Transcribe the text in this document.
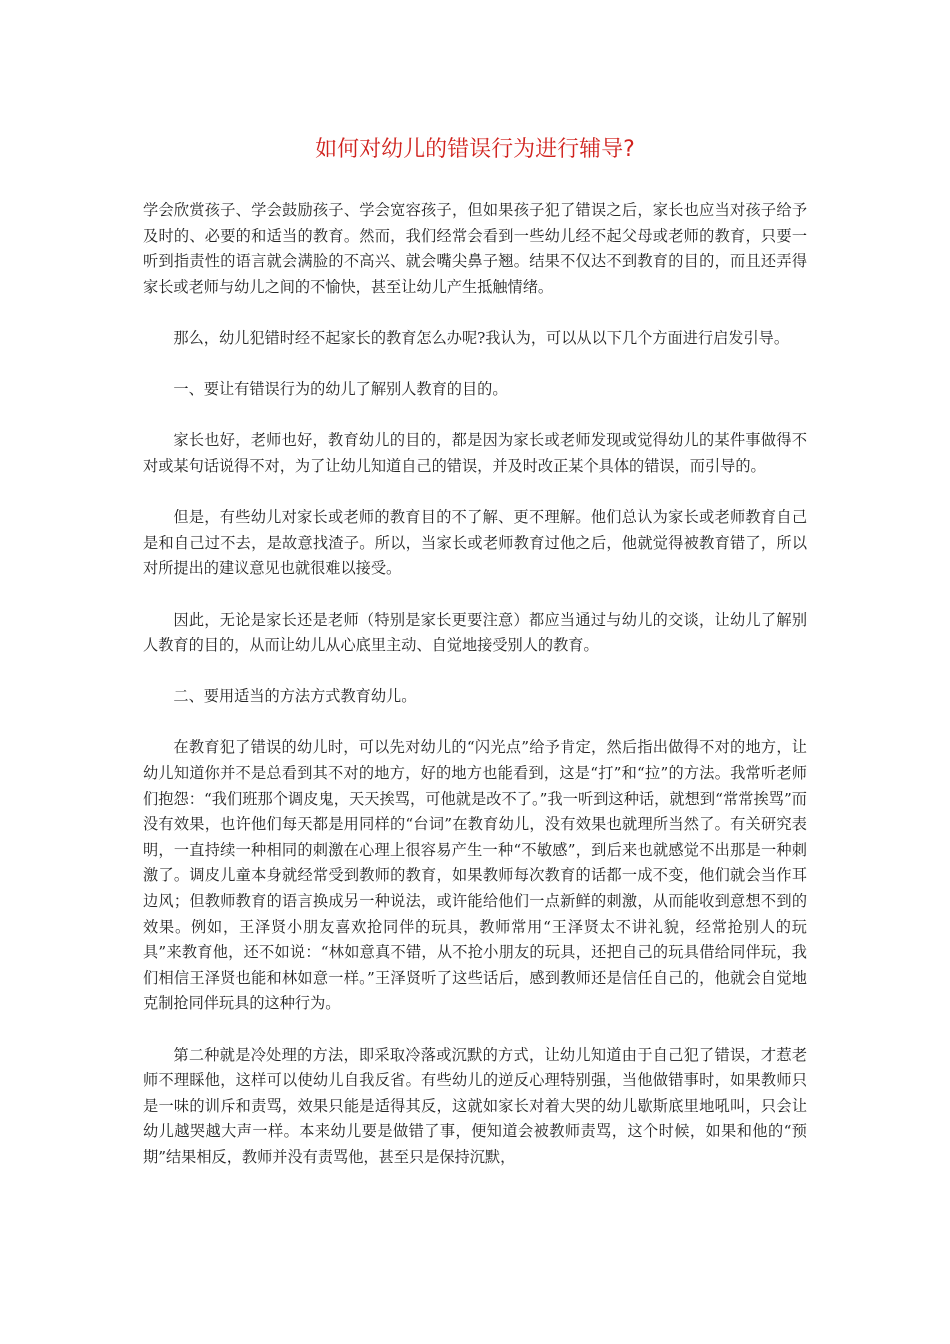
如何对幼儿的错误行为进行辅导?

学会欣赏孩子、学会鼓励孩子、学会宽容孩子，但如果孩子犯了错误之后，家长也应当对孩子给予及时的、必要的和适当的教育。然而，我们经常会看到一些幼儿经不起父母或老师的教育，只要一听到指责性的语言就会满脸的不高兴、就会嘴尖鼻子翘。结果不仅达不到教育的目的，而且还弄得家长或老师与幼儿之间的不愉快，甚至让幼儿产生抵触情绪。

那么，幼儿犯错时经不起家长的教育怎么办呢?我认为，可以从以下几个方面进行启发引导。

一、要让有错误行为的幼儿了解别人教育的目的。

家长也好，老师也好，教育幼儿的目的，都是因为家长或老师发现或觉得幼儿的某件事做得不对或某句话说得不对，为了让幼儿知道自己的错误，并及时改正某个具体的错误，而引导的。

但是，有些幼儿对家长或老师的教育目的不了解、更不理解。他们总认为家长或老师教育自己是和自己过不去，是故意找渣子。所以，当家长或老师教育过他之后，他就觉得被教育错了，所以对所提出的建议意见也就很难以接受。

因此，无论是家长还是老师（特别是家长更要注意）都应当通过与幼儿的交谈，让幼儿了解别人教育的目的，从而让幼儿从心底里主动、自觉地接受别人的教育。

二、要用适当的方法方式教育幼儿。

在教育犯了错误的幼儿时，可以先对幼儿的“闪光点”给予肯定，然后指出做得不对的地方，让幼儿知道你并不是总看到其不对的地方，好的地方也能看到，这是“打”和“拉”的方法。我常听老师们抱怨：“我们班那个调皮鬼，天天挨骂，可他就是改不了。”我一听到这种话，就想到“常常挨骂”而没有效果，也许他们每天都是用同样的“台词”在教育幼儿，没有效果也就理所当然了。有关研究表明，一直持续一种相同的刺激在心理上很容易产生一种“不敏感”，到后来也就感觉不出那是一种刺激了。调皮儿童本身就经常受到教师的教育，如果教师每次教育的话都一成不变，他们就会当作耳边风；但教师教育的语言换成另一种说法，或许能给他们一点新鲜的刺激，从而能收到意想不到的效果。例如，王泽贤小朋友喜欢抢同伴的玩具，教师常用“王泽贤太不讲礼貌，经常抢别人的玩具”来教育他，还不如说：“林如意真不错，从不抢小朋友的玩具，还把自己的玩具借给同伴玩，我们相信王泽贤也能和林如意一样。”王泽贤听了这些话后，感到教师还是信任自己的，他就会自觉地克制抢同伴玩具的这种行为。

第二种就是冷处理的方法，即采取冷落或沉默的方式，让幼儿知道由于自己犯了错误，才惹老师不理睬他，这样可以使幼儿自我反省。有些幼儿的逆反心理特别强，当他做错事时，如果教师只是一味的训斥和责骂，效果只能是适得其反，这就如家长对着大哭的幼儿歇斯底里地吼叫，只会让幼儿越哭越大声一样。本来幼儿要是做错了事，便知道会被教师责骂，这个时候，如果和他的“预期”结果相反，教师并没有责骂他，甚至只是保持沉默，
